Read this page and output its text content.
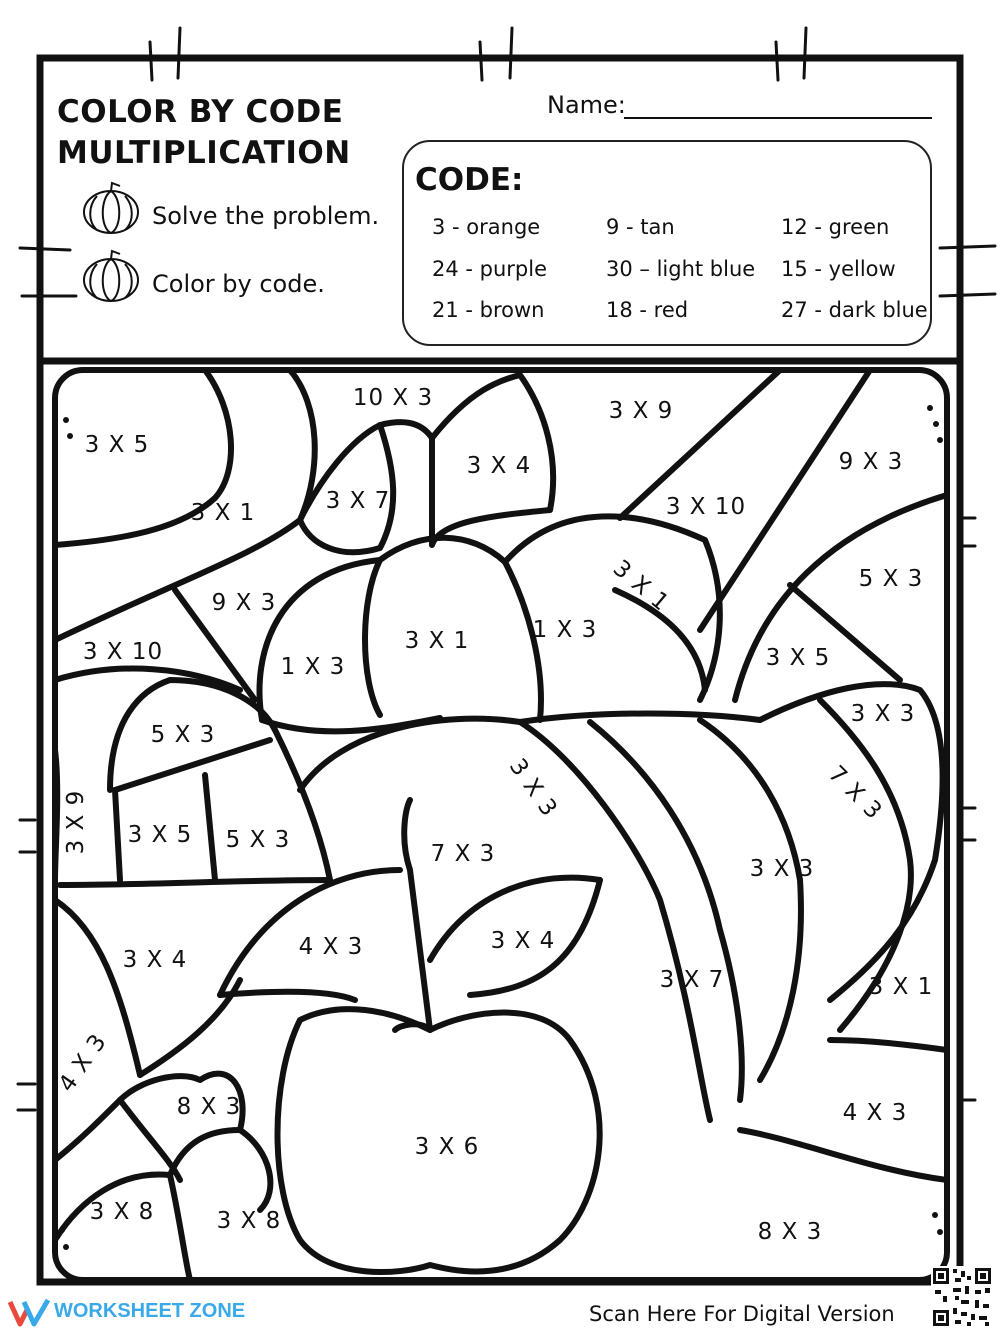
COLOR BY CODE
MULTIPLICATION
Solve the problem.
Color by code.
Name:
CODE:
3 - orange	9 - tan	12 - green
24 - purple	30 – light blue 15 - yellow
21 - brown	18 - red	27 - dark blue
3 X 5
10 X 3
3 X 4
3 X 9
9 X 3
3 X 1	3 X 7	3 X 10
9 X 3
5 X 3
3 X 1
1 X 3
3 X 1
1 X 3
3 X 10	3 X 5
3 X 3
5 X 3
3 X 9 3 X 5 5 X 3
3 X 3	7 X 3
7 X 3
3 X 3
3 X 4	4 X 3	3 X 4
3 X 7	3 X 1
4 X 3
8 X 3
3 X 6
4 X 3
3 X 8	3 X 8	8 X 3
WORKSHEET ZONE	Scan Here For Digital Version
